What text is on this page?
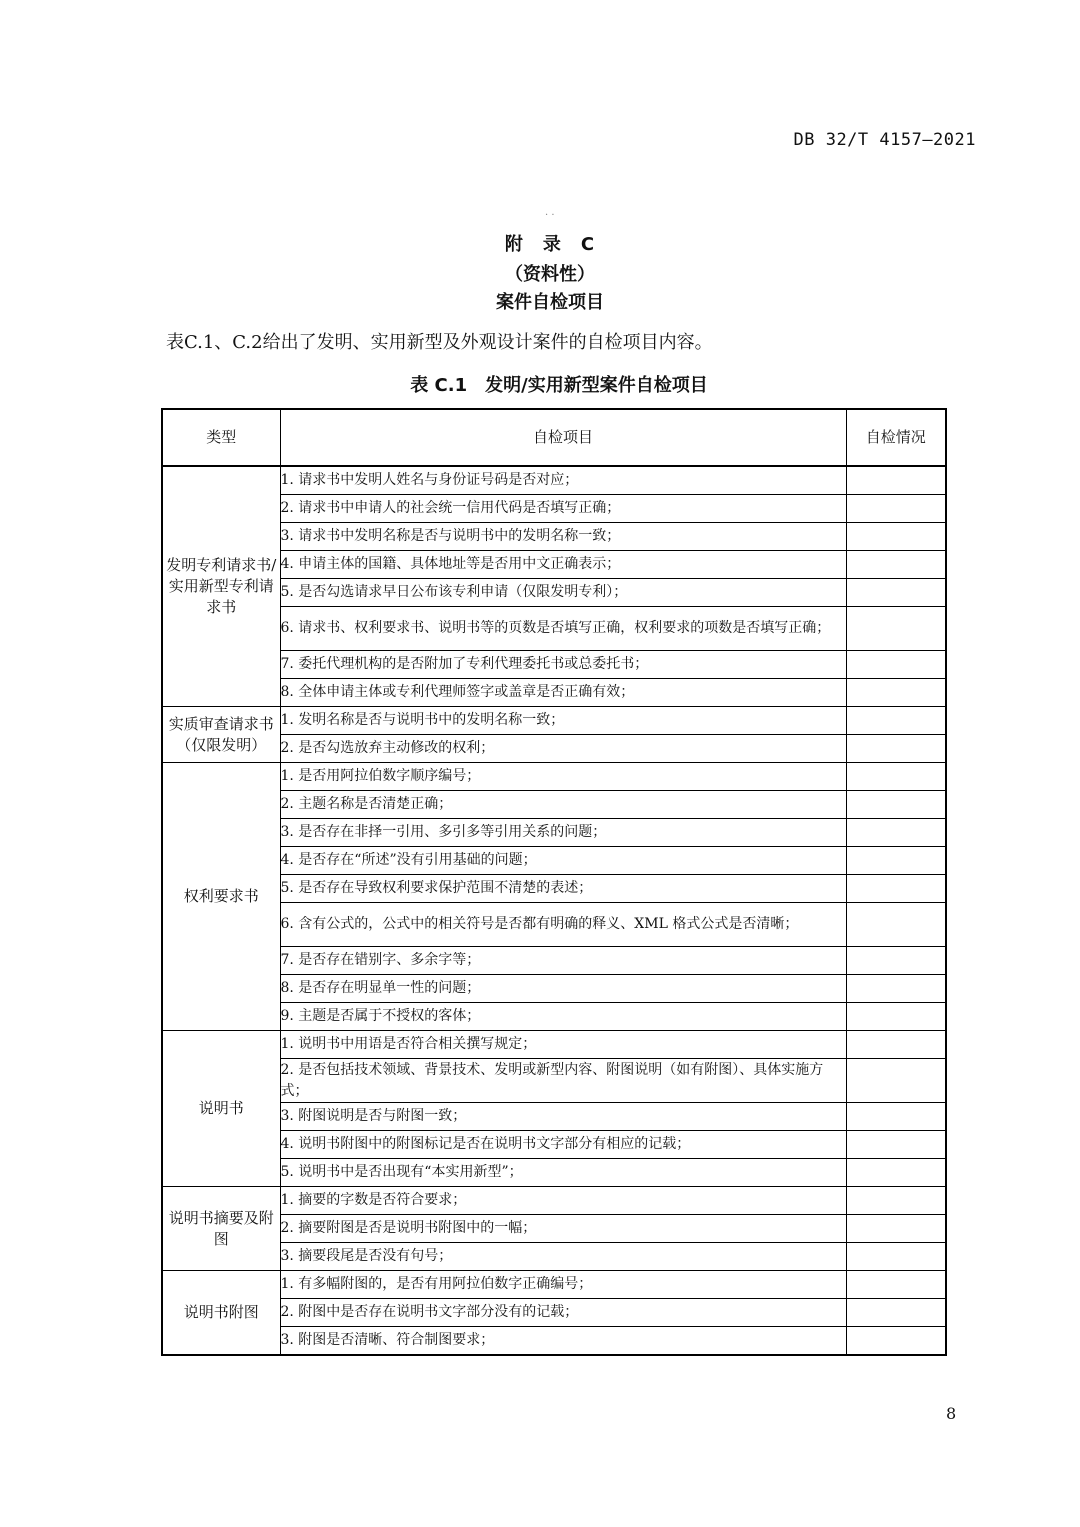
DB 32/T 4157—2021
· ·
附　录　C
（资料性）
案件自检项目
表C.1、C.2给出了发明、实用新型及外观设计案件的自检项目内容。
表 C.1　发明/实用新型案件自检项目
类型	自检项目	自检情况
发明专利请求书/实用新型专利请求书	1. 请求书中发明人姓名与身份证号码是否对应；	
	2. 请求书中申请人的社会统一信用代码是否填写正确；	
	3. 请求书中发明名称是否与说明书中的发明名称一致；	
	4. 申请主体的国籍、具体地址等是否用中文正确表示；	
	5. 是否勾选请求早日公布该专利申请（仅限发明专利）；	
	6. 请求书、权利要求书、说明书等的页数是否填写正确，权利要求的项数是否填写正确；	
	7. 委托代理机构的是否附加了专利代理委托书或总委托书；	
	8. 全体申请主体或专利代理师签字或盖章是否正确有效；	
实质审查请求书（仅限发明）	1. 发明名称是否与说明书中的发明名称一致；	
	2. 是否勾选放弃主动修改的权利；	
权利要求书	1. 是否用阿拉伯数字顺序编号；	
	2. 主题名称是否清楚正确；	
	3. 是否存在非择一引用、多引多等引用关系的问题；	
	4. 是否存在“所述”没有引用基础的问题；	
	5. 是否存在导致权利要求保护范围不清楚的表述；	
	6. 含有公式的，公式中的相关符号是否都有明确的释义、XML 格式公式是否清晰；	
	7. 是否存在错别字、多余字等；	
	8. 是否存在明显单一性的问题；	
	9. 主题是否属于不授权的客体；	
说明书	1. 说明书中用语是否符合相关撰写规定；	
	2. 是否包括技术领域、背景技术、发明或新型内容、附图说明（如有附图）、具体实施方式；	
	3. 附图说明是否与附图一致；	
	4. 说明书附图中的附图标记是否在说明书文字部分有相应的记载；	
	5. 说明书中是否出现有“本实用新型”；	
说明书摘要及附图	1. 摘要的字数是否符合要求；	
	2. 摘要附图是否是说明书附图中的一幅；	
	3. 摘要段尾是否没有句号；	
说明书附图	1. 有多幅附图的，是否有用阿拉伯数字正确编号；	
	2. 附图中是否存在说明书文字部分没有的记载；	
	3. 附图是否清晰、符合制图要求；	
8
